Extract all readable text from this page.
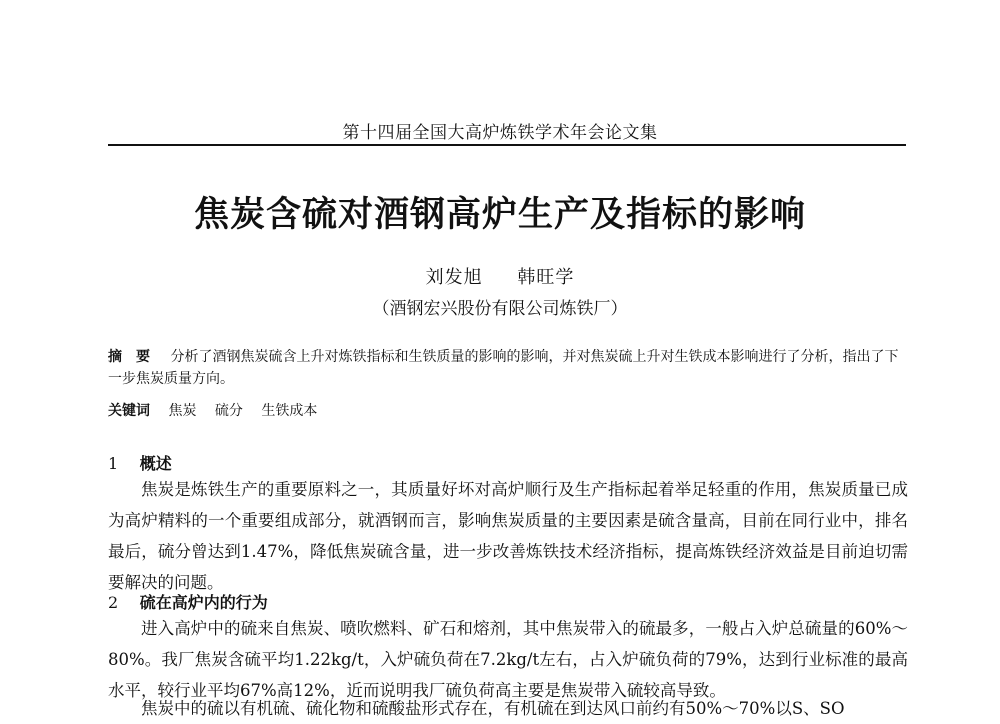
第十四届全国大高炉炼铁学术年会论文集
焦炭含硫对酒钢高炉生产及指标的影响
刘发旭 韩旺学
（酒钢宏兴股份有限公司炼铁厂）
摘要 分析了酒钢焦炭硫含上升对炼铁指标和生铁质量的影响的影响，并对焦炭硫上升对生铁成本影响进行了分析，指出了下一步焦炭质量方向。
关键词 焦炭 硫分 生铁成本
1 概述
焦炭是炼铁生产的重要原料之一，其质量好坏对高炉顺行及生产指标起着举足轻重的作用，焦炭质量已成为高炉精料的一个重要组成部分，就酒钢而言，影响焦炭质量的主要因素是硫含量高，目前在同行业中，排名最后，硫分曾达到1.47%，降低焦炭硫含量，进一步改善炼铁技术经济指标，提高炼铁经济效益是目前迫切需要解决的问题。
2 硫在高炉内的行为
进入高炉中的硫来自焦炭、喷吹燃料、矿石和熔剂，其中焦炭带入的硫最多，一般占入炉总硫量的60%～80%。我厂焦炭含硫平均1.22kg/t，入炉硫负荷在7.2kg/t左右，占入炉硫负荷的79%，达到行业标准的最高水平，较行业平均67%高12%，近而说明我厂硫负荷高主要是焦炭带入硫较高导致。
焦炭中的硫以有机硫、硫化物和硫酸盐形式存在，有机硫在到达风口前约有50%～70%以S、SO
